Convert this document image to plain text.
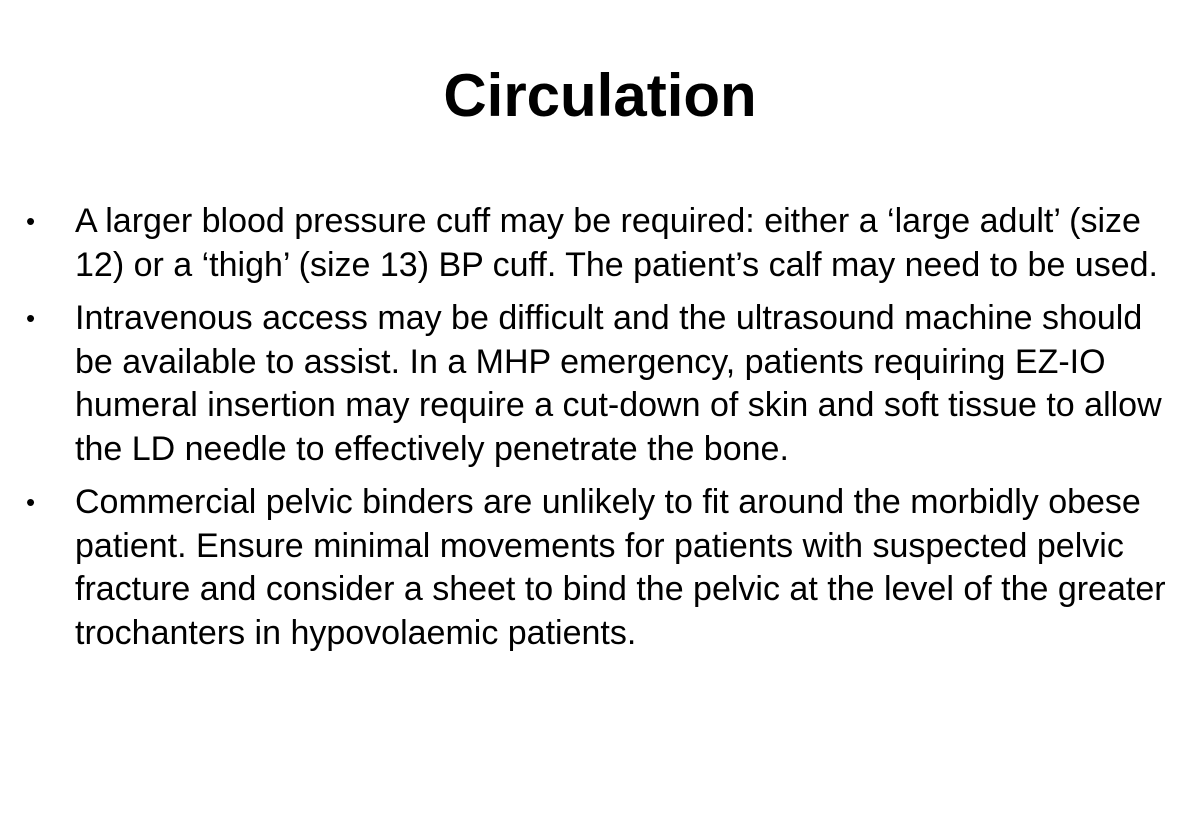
Circulation
•	A larger blood pressure cuff may be required: either a ‘large adult’ (size 12) or a ‘thigh’ (size 13) BP cuff. The patient’s calf may need to be used.
•	Intravenous access may be difficult and the ultrasound machine should be available to assist. In a MHP emergency, patients requiring EZ-IO humeral insertion may require a cut-down of skin and soft tissue to allow the LD needle to effectively penetrate the bone.
•	Commercial pelvic binders are unlikely to fit around the morbidly obese patient. Ensure minimal movements for patients with suspected pelvic fracture and consider a sheet to bind the pelvic at the level of the greater trochanters in hypovolaemic patients.
